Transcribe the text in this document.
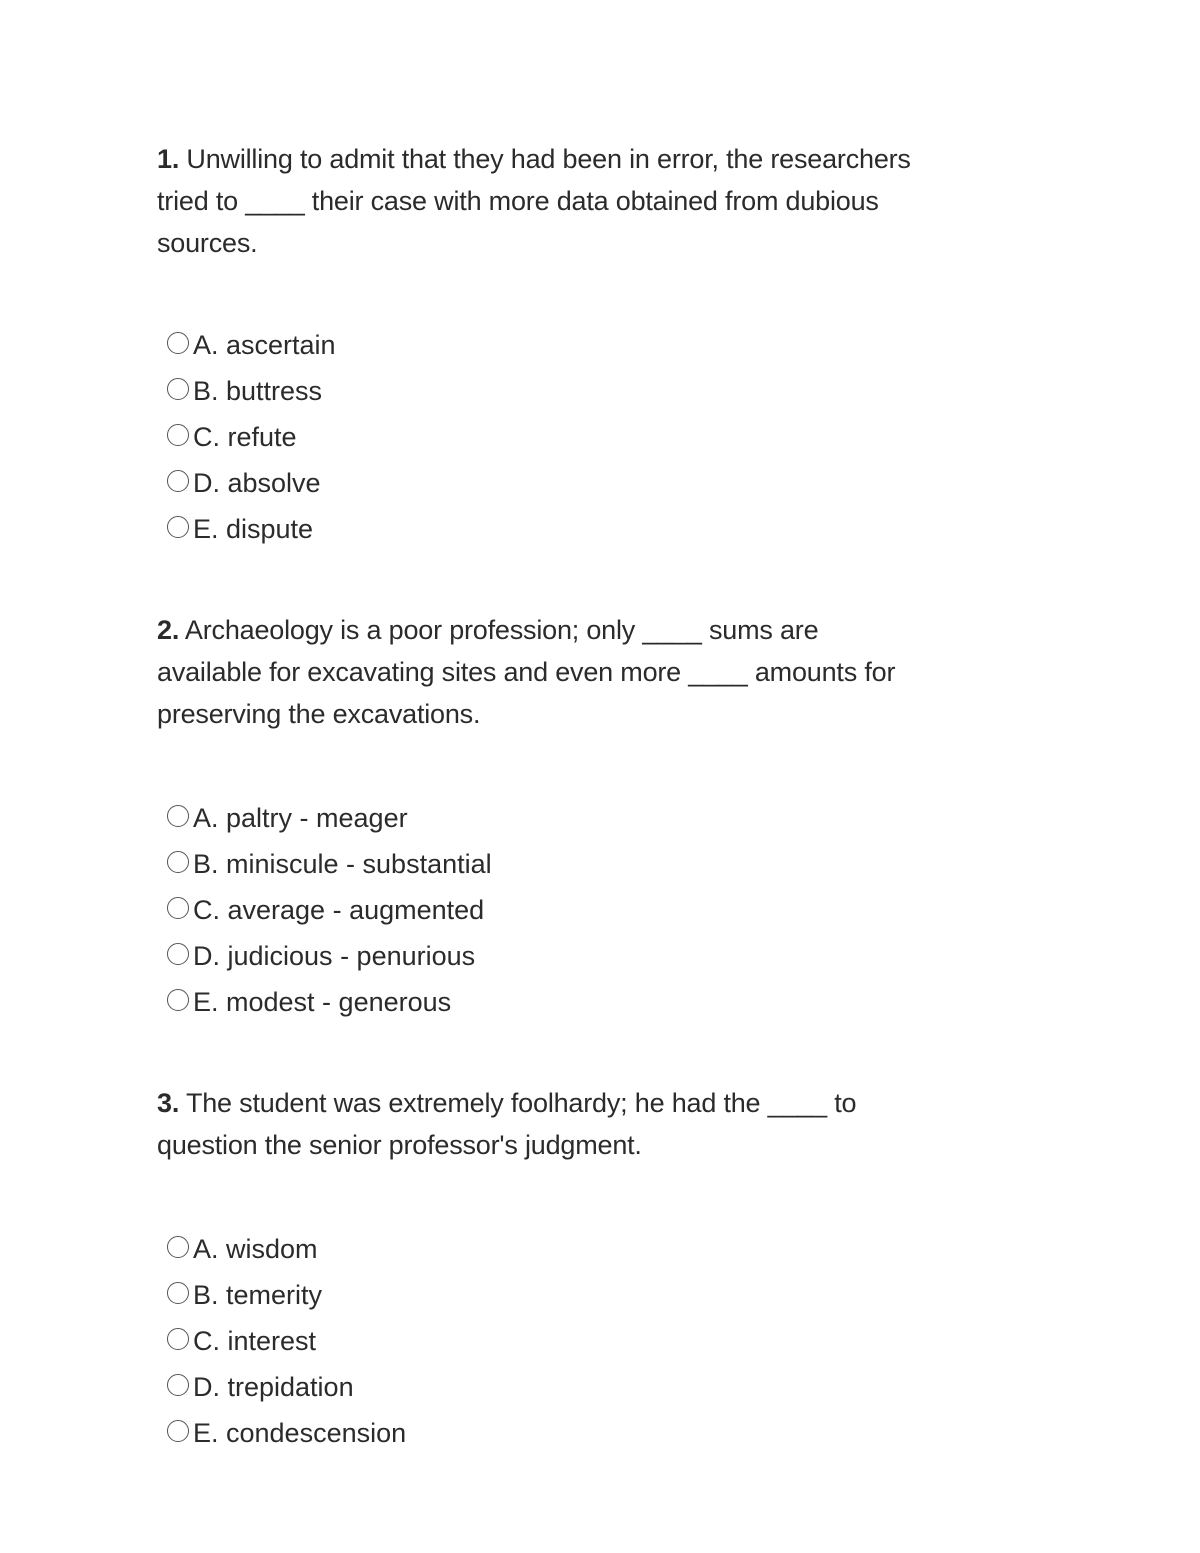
1. Unwilling to admit that they had been in error, the researchers tried to ____ their case with more data obtained from dubious sources.

A. ascertain
B. buttress
C. refute
D. absolve
E. dispute

2. Archaeology is a poor profession; only ____ sums are available for excavating sites and even more ____ amounts for preserving the excavations.

A. paltry - meager
B. miniscule - substantial
C. average - augmented
D. judicious - penurious
E. modest - generous

3. The student was extremely foolhardy; he had the ____ to question the senior professor's judgment.

A. wisdom
B. temerity
C. interest
D. trepidation
E. condescension
